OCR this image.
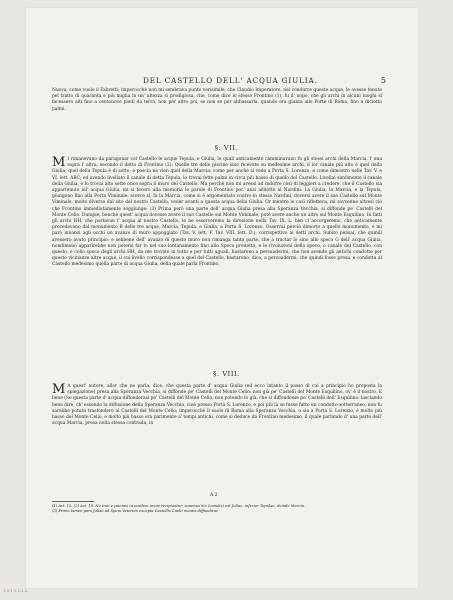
DEL CASTELLO DELL' ACQUA GIULIA.	5

Nuova, come vuole il Fabretti; imperocchè non mi sembrava punto verisimile, che Claudio Imperatore, nel condurre queste acque, le avesse tenute pel tratto di quaranta e più miglia in un' altezza sì prodigiosa, che, come dice lo stesso Frontino (1), fu d' uopo, che gli archi in alcuni luoghi sì facessero alti fino a centonove piedi da terra, non per altro poi, se non se per abbassarla, quando era giunta alle Porte di Roma, fino a diciotto palmi.

§. VII.

M I rimanevano da paragonar col Castello le acque Tepula, e Giulia, le quali anticamente camminavano fu gli stessi archi della Marcia, l' una sopra l' altra, secondo il detto di Frontino (2): Quelle tre delle piscine sino ricevute su medesime archi, il lor canale più alto è quel della Giulia; quel della Tepula è di sotto; e poscia ne vien quel della Marcia: come per anche si vede a Porta S. Lorenzo, e come dimostro nelle Tav. V. e VI. lett. ABC; ed avendo livellato il canale di detta Tepula, lo trovai fette palmi in circa più basso di quello del Castello. Livellai similmente il canale della Giulia, e lo trovai alto sette once sopra il muro del Castello. Ma perchè non mi avessi ad indurre così di leggieri a credere, che il Castello sia appartenuto all' acqua Giulia, mi si fecero alla memoria le parole di Frontino poc' anzi addotte al Nardini: La Giulia, la Marcia, e la Tepula, giungono fino alla Porta Viminale: scevre sì, fa la Marcia, come si è argomentato contro lo stesso Nardini, doversi avere il suo Castello sul Monte Viminale, molto diverso dal sito del nostro Castello, veder avanti a questa acqua della Giulia. Or mentre io così rifletteva, mi sovvenne altresì ciò che Frontino immediatamente soggiunge: (3) Prima però una parte dell' acqua Giulia presa alla Speranza Vecchia, si diffonde pe' Castelli del Monte Celio. Dunque, benchè quest' acqua dovesse avere il suo Castello sul Monte Viminale, potè avere anche un altro sul Monte Esquilino. In fatti gli archi HH, che portavan l' acqua al nostro Castello, le ne osserveremo la direzione nella Tav. IX. L. ben ci accorgeremo, che anticamente procedevano dal monumento B delle tre acque, Marcia, Tepula, e Giulia, a Porta S. Lorenzo. Osservai perciò dimorto a quello monumento, e mi parò innanzi agli occhi un avanzo di muro appoggiato (Tav. V. lett. F. Tav. VIII. lett. D.), corrispettivo ai detti archi. Subito pensai, che quindi avessero avuto principio: e sebbene dell' avanzo di questo muro non rimanga tanta parte, che a tractar lo sino allo speco G dell' acqua Giulia, nondimeno apparirebbe non potersi far lo nel suo lontanamento fino allo Speco predetto; e le rivoluzioni dello speco, o canale del Castello, con questo, e collo speco degli archi HH, da me trovate in tutto e per tutti uguali, bastarono a persuadermi, che non avendo gli antichi condotte per queste vicinanze altre acque, il cui livello corrispondesse a quel del Castello, bastarono, dico, a persuadermi, che quindi fosse presa, e condotta al Castello medesimo quella parte di acqua Giulia, della quale parla Frontino.

§. VIII.

M A quest' autore, allor che ne parla, dice, che questa parte d' acqua Giulia (ed ecco intanto il passo di cui a principio ho proposta la spiegazione) presa alla Speranza Vecchia, si diffonde pe' Castelli del Monte Celio: non già pe' Castelli del Monte Esquilino, ov' è il nostro. E bene (Se questa parte d' acqua diffonderasi pe' Castelli del Monte Celio, non potendo lo già, che si diffondesse pe' Castelli dell' Esquilino: lasciando bene dire, ch' essendo la diffusione della Speranza Vecchia, cioè presso Porta S. Lorenzo, e poi più là se fusse fatto un condotto sotterraneo, non fu sarebbe potuta trasfondere ai Castelli del Monte Celio; imperocchè il suolo di Roma alla Speranza Vecchia, o sia a Porta S. Lorenzo, è molto più basso del Monte Celio, e molto più basso era parimente a' tempi antichi, come si deduce da Frontino medesimo, il quale parlando d' una parte dell' acqua Marcia, presa nella stessa contrada, in

A 2

(1) Art. 15. (2) Art. 19. Ne trae e piscinis in eosdem arcos recipiuntur; summus hic (canalis) est Juliae, inferior Tepulae, deinde Marcia.

(3) Primo tamen pars Juliae ad Spem Veterem excepta Castellis Caelii montis diffunditur.

1.0.1.1.1.2.2.
